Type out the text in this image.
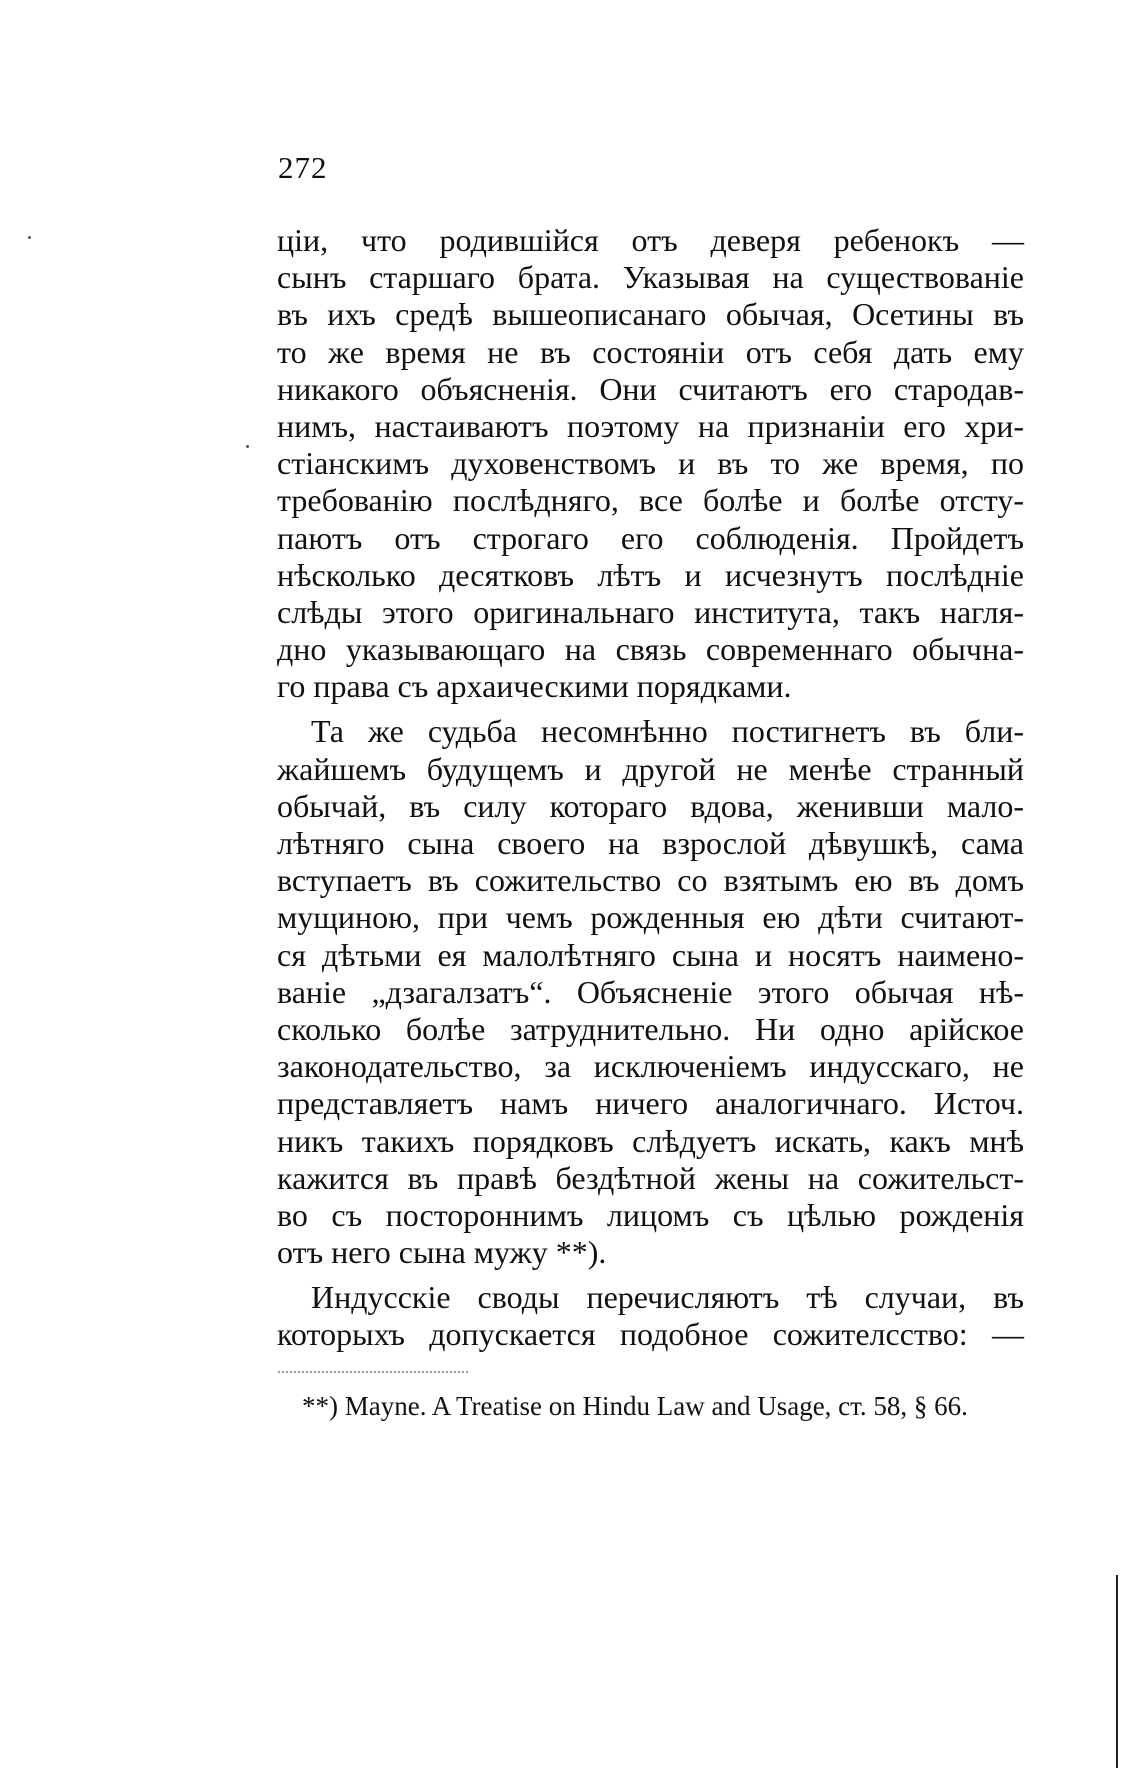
272
ціи, что родившійся отъ деверя ребенокъ —
сынъ старшаго брата. Указывая на существованіе
въ ихъ средѣ вышеописанаго обычая, Осетины въ
то же время не въ состояніи отъ себя дать ему
никакого объясненія. Они считаютъ его стародав-
нимъ, настаиваютъ поэтому на признаніи его хри-
стіанскимъ духовенствомъ и въ то же время, по
требованію послѣдняго, все болѣе и болѣе отсту-
паютъ отъ строгаго его соблюденія. Пройдетъ
нѣсколько десятковъ лѣтъ и исчезнутъ послѣдніе
слѣды этого оригинальнаго института, такъ нагля-
дно указывающаго на связь современнаго обычна-
го права съ архаическими порядками.
Та же судьба несомнѣнно постигнетъ въ бли-
жайшемъ будущемъ и другой не менѣе странный
обычай, въ силу котораго вдова, женивши мало-
лѣтняго сына своего на взрослой дѣвушкѣ, сама
вступаетъ въ сожительство со взятымъ ею въ домъ
мущиною, при чемъ рожденныя ею дѣти считают-
ся дѣтьми ея малолѣтняго сына и носятъ наимено-
ваніе „дзагалзатъ“. Объясненіе этого обычая нѣ-
сколько болѣе затруднительно. Ни одно арійское
законодательство, за исключеніемъ индусскаго, не
представляетъ намъ ничего аналогичнаго. Источ.
никъ такихъ порядковъ слѣдуетъ искать, какъ мнѣ
кажится въ правѣ бездѣтной жены на сожительст-
во съ постороннимъ лицомъ съ цѣлью рожденія
отъ него сына мужу **).
Индусскіе своды перечисляютъ тѣ случаи, въ
которыхъ допускается подобное сожителсство: —
**) Mayne. A Treatise on Hindu Law and Usage, ст. 58, § 66.
